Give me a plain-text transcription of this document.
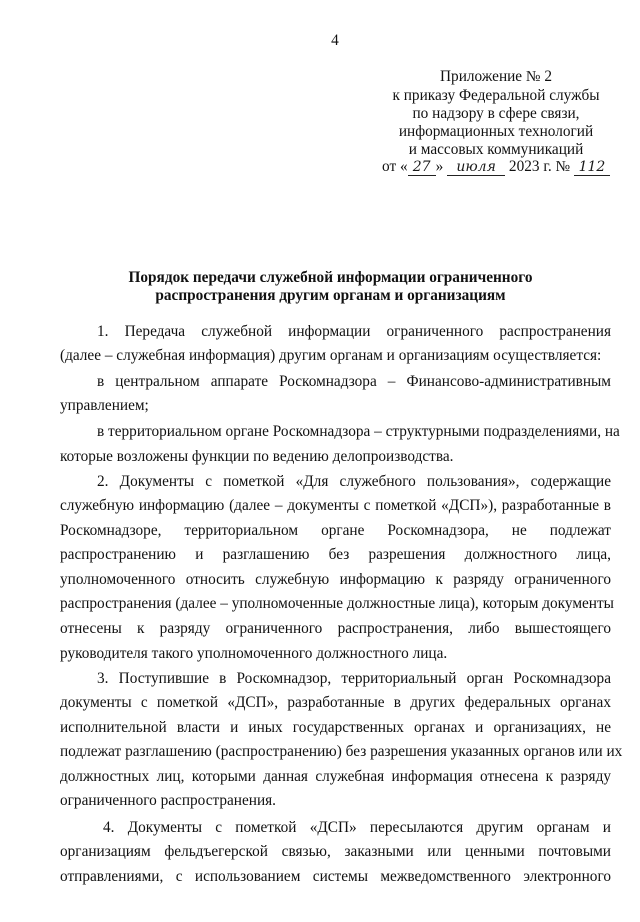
4
Приложение № 2
к приказу Федеральной службы
по надзору в сфере связи,
информационных технологий
и массовых коммуникаций
от « 27 » июля 2023 г. № 112
Порядок передачи служебной информации ограниченного
распространения другим органам и организациям
1. Передача служебной информации ограниченного распространения
(далее – служебная информация) другим органам и организациям осуществляется:
в центральном аппарате Роскомнадзора – Финансово-административным
управлением;
в территориальном органе Роскомнадзора – структурными подразделениями, на
которые возложены функции по ведению делопроизводства.
2. Документы с пометкой «Для служебного пользования», содержащие
служебную информацию (далее – документы с пометкой «ДСП»), разработанные в
Роскомнадзоре, территориальном органе Роскомнадзора, не подлежат
распространению и разглашению без разрешения должностного лица,
уполномоченного относить служебную информацию к разряду ограниченного
распространения (далее – уполномоченные должностные лица), которым документы
отнесены к разряду ограниченного распространения, либо вышестоящего
руководителя такого уполномоченного должностного лица.
3. Поступившие в Роскомнадзор, территориальный орган Роскомнадзора
документы с пометкой «ДСП», разработанные в других федеральных органах
исполнительной власти и иных государственных органах и организациях, не
подлежат разглашению (распространению) без разрешения указанных органов или их
должностных лиц, которыми данная служебная информация отнесена к разряду
ограниченного распространения.
4. Документы с пометкой «ДСП» пересылаются другим органам и
организациям фельдъегерской связью, заказными или ценными почтовыми
отправлениями, с использованием системы межведомственного электронного
